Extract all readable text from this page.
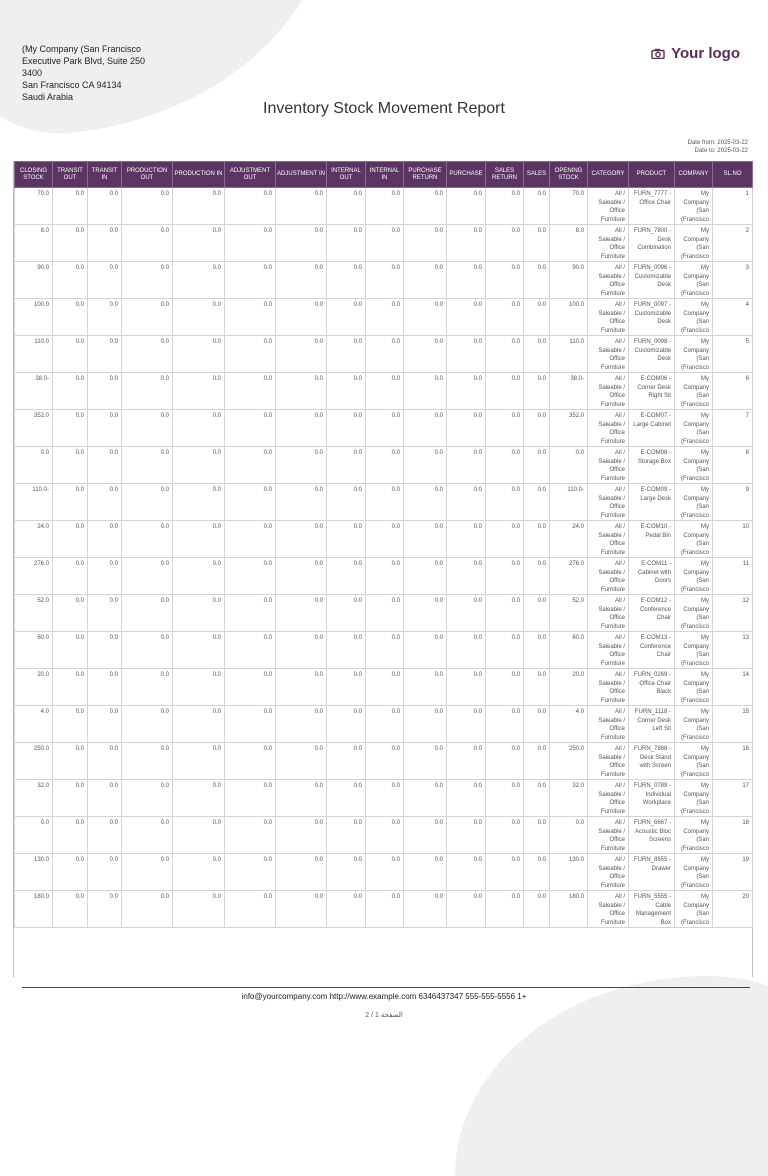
(My Company (San Francisco
Executive Park Blvd, Suite 250
3400
San Francisco CA 94134
Saudi Arabia
Your logo
Inventory Stock Movement Report
Date from: 2025-03-22
Date to: 2025-03-22
CLOSING STOCK	TRANSIT OUT	TRANSIT IN	PRODUCTION OUT	PRODUCTION IN	ADJUSTMENT OUT	ADJUSTMENT IN	INTERNAL OUT	INTERNAL IN	PURCHASE RETURN	PURCHASE	SALES RETURN	SALES	OPENING STOCK	CATEGORY	PRODUCT	COMPANY	SL.NO
70.0	0.0	0.0	0.0	0.0	0.0	0.0	0.0	0.0	0.0	0.0	0.0	0.0	70.0	All / Saleable / Office Furniture	FURN_7777 - Office Chair	My Company (San (Francisco	1
8.0	0.0	0.0	0.0	0.0	0.0	0.0	0.0	0.0	0.0	0.0	0.0	0.0	8.0	All / Saleable / Office Furniture	FURN_7800 - Desk Combination	My Company (San (Francisco	2
90.0	0.0	0.0	0.0	0.0	0.0	0.0	0.0	0.0	0.0	0.0	0.0	0.0	90.0	All / Saleable / Office Furniture	FURN_0096 - Customizable Desk	My Company (San (Francisco	3
100.0	0.0	0.0	0.0	0.0	0.0	0.0	0.0	0.0	0.0	0.0	0.0	0.0	100.0	All / Saleable / Office Furniture	FURN_0097 - Customizable Desk	My Company (San (Francisco	4
110.0	0.0	0.0	0.0	0.0	0.0	0.0	0.0	0.0	0.0	0.0	0.0	0.0	110.0	All / Saleable / Office Furniture	FURN_0098 - Customizable Desk	My Company (San (Francisco	5
38.0-	0.0	0.0	0.0	0.0	0.0	0.0	0.0	0.0	0.0	0.0	0.0	0.0	38.0-	All / Saleable / Office Furniture	E-COM06 - Corner Desk Right Sit	My Company (San (Francisco	6
352.0	0.0	0.0	0.0	0.0	0.0	0.0	0.0	0.0	0.0	0.0	0.0	0.0	352.0	All / Saleable / Office Furniture	E-COM07 - Large Cabinet	My Company (San (Francisco	7
0.0	0.0	0.0	0.0	0.0	0.0	0.0	0.0	0.0	0.0	0.0	0.0	0.0	0.0	All / Saleable / Office Furniture	E-COM08 - Storage Box	My Company (San (Francisco	8
110.0-	0.0	0.0	0.0	0.0	0.0	0.0	0.0	0.0	0.0	0.0	0.0	0.0	110.0-	All / Saleable / Office Furniture	E-COM09 - Large Desk	My Company (San (Francisco	9
24.0	0.0	0.0	0.0	0.0	0.0	0.0	0.0	0.0	0.0	0.0	0.0	0.0	24.0	All / Saleable / Office Furniture	E-COM10 - Pedal Bin	My Company (San (Francisco	10
276.0	0.0	0.0	0.0	0.0	0.0	0.0	0.0	0.0	0.0	0.0	0.0	0.0	276.0	All / Saleable / Office Furniture	E-COM11 - Cabinet with Doors	My Company (San (Francisco	11
52.0	0.0	0.0	0.0	0.0	0.0	0.0	0.0	0.0	0.0	0.0	0.0	0.0	52.0	All / Saleable / Office Furniture	E-COM12 - Conference Chair	My Company (San (Francisco	12
60.0	0.0	0.0	0.0	0.0	0.0	0.0	0.0	0.0	0.0	0.0	0.0	0.0	60.0	All / Saleable / Office Furniture	E-COM13 - Conference Chair	My Company (San (Francisco	13
20.0	0.0	0.0	0.0	0.0	0.0	0.0	0.0	0.0	0.0	0.0	0.0	0.0	20.0	All / Saleable / Office Furniture	FURN_0269 - Office Chair Black	My Company (San (Francisco	14
4.0	0.0	0.0	0.0	0.0	0.0	0.0	0.0	0.0	0.0	0.0	0.0	0.0	4.0	All / Saleable / Office Furniture	FURN_1118 - Corner Desk Left Sit	My Company (San (Francisco	15
250.0	0.0	0.0	0.0	0.0	0.0	0.0	0.0	0.0	0.0	0.0	0.0	0.0	250.0	All / Saleable / Office Furniture	FURN_7888 - Desk Stand with Screen	My Company (San (Francisco	16
32.0	0.0	0.0	0.0	0.0	0.0	0.0	0.0	0.0	0.0	0.0	0.0	0.0	32.0	All / Saleable / Office Furniture	FURN_0789 - Individual Workplace	My Company (San (Francisco	17
0.0	0.0	0.0	0.0	0.0	0.0	0.0	0.0	0.0	0.0	0.0	0.0	0.0	0.0	All / Saleable / Office Furniture	FURN_6667 - Acoustic Bloc Screens	My Company (San (Francisco	18
130.0	0.0	0.0	0.0	0.0	0.0	0.0	0.0	0.0	0.0	0.0	0.0	0.0	130.0	All / Saleable / Office Furniture	FURN_8855 - Drawer	My Company (San (Francisco	19
180.0	0.0	0.0	0.0	0.0	0.0	0.0	0.0	0.0	0.0	0.0	0.0	0.0	180.0	All / Saleable / Office Furniture	FURN_5555 - Cable Management Box	My Company (San (Francisco	20
info@yourcompany.com http://www.example.com 6346437347 555-555-5556 1+
الصفحة 1 / 2
